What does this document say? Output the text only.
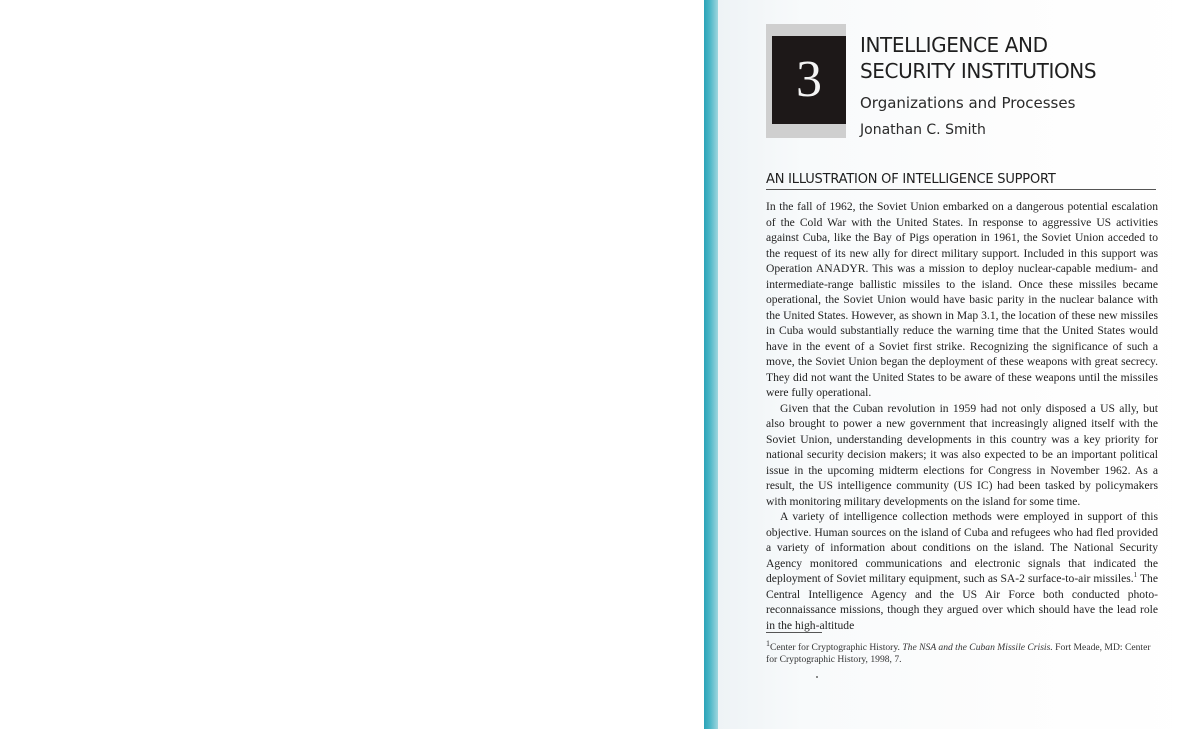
3
INTELLIGENCE AND
SECURITY INSTITUTIONS

Organizations and Processes

Jonathan C. Smith

AN ILLUSTRATION OF INTELLIGENCE SUPPORT

In the fall of 1962, the Soviet Union embarked on a dangerous potential escalation of the Cold War with the United States. In response to aggressive US activities against Cuba, like the Bay of Pigs operation in 1961, the Soviet Union acceded to the request of its new ally for direct military support. Included in this support was Operation ANADYR. This was a mission to deploy nuclear-capable medium- and intermediate-range ballistic missiles to the island. Once these missiles became operational, the Soviet Union would have basic parity in the nuclear balance with the United States. However, as shown in Map 3.1, the location of these new missiles in Cuba would substantially reduce the warning time that the United States would have in the event of a Soviet first strike. Recognizing the significance of such a move, the Soviet Union began the deployment of these weapons with great secrecy. They did not want the United States to be aware of these weapons until the missiles were fully operational.

Given that the Cuban revolution in 1959 had not only disposed a US ally, but also brought to power a new government that increasingly aligned itself with the Soviet Union, understanding developments in this country was a key priority for national security decision makers; it was also expected to be an important political issue in the upcoming midterm elections for Congress in November 1962. As a result, the US intelligence community (US IC) had been tasked by policymakers with monitoring military developments on the island for some time.

A variety of intelligence collection methods were employed in support of this objective. Human sources on the island of Cuba and refugees who had fled provided a variety of information about conditions on the island. The National Security Agency monitored communications and electronic signals that indicated the deployment of Soviet military equipment, such as SA-2 surface-to-air missiles.$^1$ The Central Intelligence Agency and the US Air Force both conducted photo-reconnaissance missions, though they argued over which should have the lead role in the high-altitude

$^1$Center for Cryptographic History. The NSA and the Cuban Missile Crisis. Fort Meade, MD: Center for Cryptographic History, 1998, 7.
